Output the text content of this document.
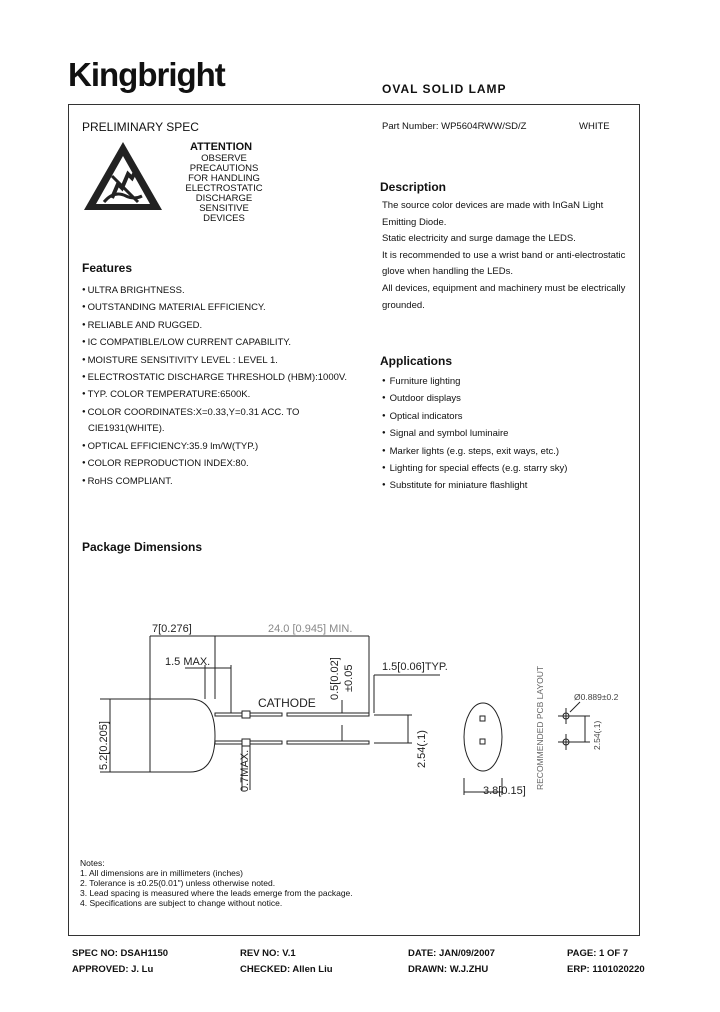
Kingbright	OVAL SOLID LAMP
PRELIMINARY SPEC	Part Number: WP5604RWW/SD/Z	WHITE
ATTENTION
OBSERVE PRECAUTIONS
FOR HANDLING
ELECTROSTATIC
DISCHARGE
SENSITIVE
DEVICES
Features
● ULTRA BRIGHTNESS.
● OUTSTANDING MATERIAL EFFICIENCY.
● RELIABLE AND RUGGED.
● IC COMPATIBLE/LOW CURRENT CAPABILITY.
● MOISTURE SENSITIVITY LEVEL : LEVEL 1.
● ELECTROSTATIC DISCHARGE THRESHOLD (HBM):1000V.
● TYP. COLOR TEMPERATURE:6500K.
● COLOR COORDINATES:X=0.33,Y=0.31 ACC. TO
CIE1931(WHITE).
● OPTICAL EFFICIENCY:35.9 lm/W(TYP.)
● COLOR REPRODUCTION INDEX:80.
● RoHS COMPLIANT.
Description
The source color devices are made with InGaN Light
Emitting Diode.
Static electricity and surge damage the LEDS.
It is recommended to use a wrist band or anti-electrostatic
glove when handling the LEDs.
All devices, equipment and machinery must be electrically
grounded.
Applications
● Furniture lighting
● Outdoor displays
● Optical indicators
● Signal and symbol luminaire
● Marker lights (e.g. steps, exit ways, etc.)
● Lighting for special effects (e.g. starry sky)
● Substitute for miniature flashlight
Package Dimensions
7[0.276]	24.0 [0.945] MIN.
1.5 MAX.	1.5[0.06]TYP.
CATHODE
3.8[0.15]
0.5[0.02] ±0.05
5.2[0.205]	2.54(.1)
0.7MAX.	RECOMMENDED PCB LAYOUT	Ø0.889±0.2
2.54(.1)
Notes:
1. All dimensions are in millimeters (inches)
2. Tolerance is ±0.25(0.01") unless otherwise noted.
3. Lead spacing is measured where the leads emerge from the package.
4. Specifications are subject to change without notice.
SPEC NO: DSAH1150	REV NO: V.1	DATE: JAN/09/2007	PAGE: 1 OF 7
APPROVED: J. Lu	CHECKED: Allen Liu	DRAWN: W.J.ZHU	ERP: 1101020220
